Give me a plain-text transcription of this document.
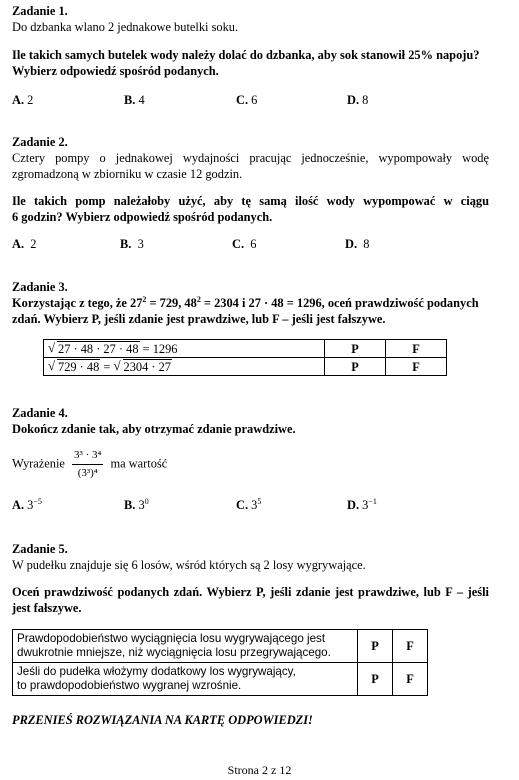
Zadanie 1.
Do dzbanka wlano 2 jednakowe butelki soku.
Ile takich samych butelek wody należy dolać do dzbanka, aby sok stanowił 25% napoju?
Wybierz odpowiedź spośród podanych.
A. 2	B. 4	C. 6	D. 8
Zadanie 2.
Cztery pompy o jednakowej wydajności pracując jednocześnie, wypompowały wodę
zgromadzoną w zbiorniku w czasie 12 godzin.
Ile takich pomp należałoby użyć, aby tę samą ilość wody wypompować w ciągu
6 godzin? Wybierz odpowiedź spośród podanych.
A. 2	B. 3	C. 6	D. 8
Zadanie 3.
Korzystając z tego, że $27^2 = 729$, $48^2 = 2304$ i 27 · 48 = 1296, oceń prawdziwość podanych
zdań. Wybierz P, jeśli zdanie jest prawdziwe, lub F – jeśli jest fałszywe.
√ 27 · 48 · 27 · 48 = 1296	P	F

√ 729 · 48 = √ 2304 · 27	P	F
Zadanie 4.
Dokończ zdanie tak, aby otrzymać zdanie prawdziwe.
Wyrażenie $\frac{\text{3³ · 3⁴}}{\text{(3³)⁴}}$ ma wartość
A. $3^{-5}$	B. $3^0$	C. $3^5$	D. $3^{-1}$
Zadanie 5.
W pudełku znajduje się 6 losów, wśród których są 2 losy wygrywające.
Oceń prawdziwość podanych zdań. Wybierz P, jeśli zdanie jest prawdziwe, lub F – jeśli
jest fałszywe.
Prawdopodobieństwo wyciągnięcia losu wygrywającego jest
dwukrotnie mniejsze, niż wyciągnięcia losu przegrywającego.	P	F

Jeśli do pudełka włożymy dodatkowy los wygrywający,
to prawdopodobieństwo wygranej wzrośnie.	P	F
PRZENIEŚ ROZWIĄZANIA NA KARTĘ ODPOWIEDZI!
Strona 2 z 12
